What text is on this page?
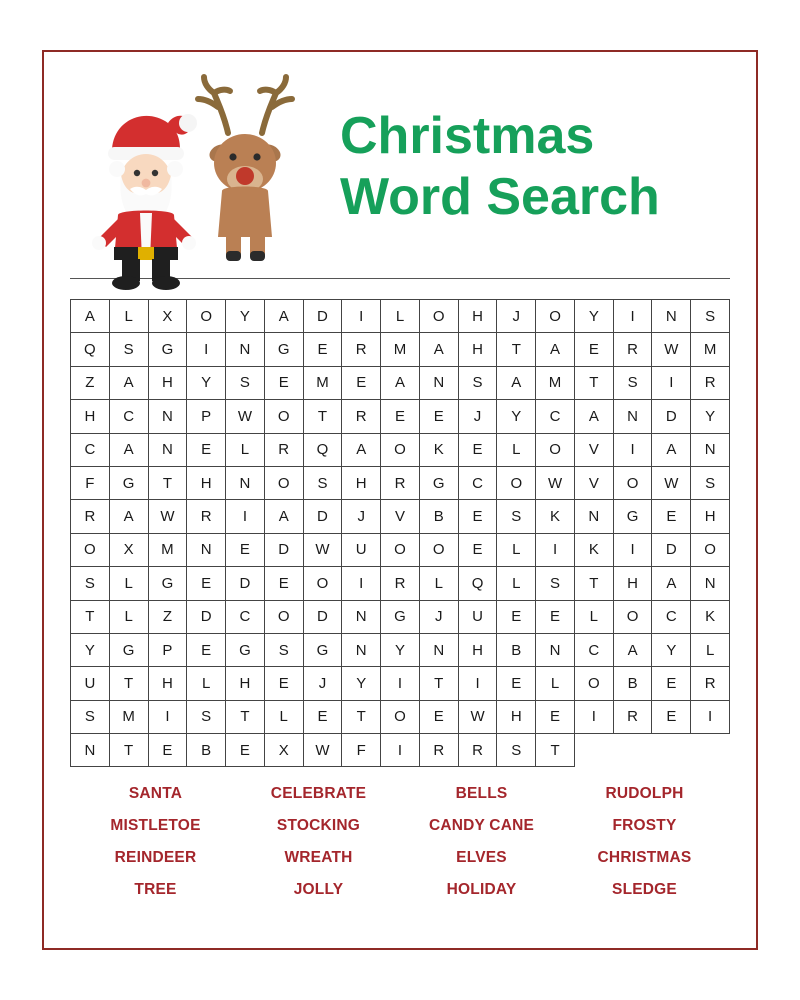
Christmas
Word Search
A	L	X	O	Y	A	D	I	L	O	H	J	O	Y	I	N	S
Q	S	G	I	N	G	E	R	M	A	H	T	A	E	R	W	M
Z	A	H	Y	S	E	M	E	A	N	S	A	M	T	S	I	R
H	C	N	P	W	O	T	R	E	E	J	Y	C	A	N	D	Y
C	A	N	E	L	R	Q	A	O	K	E	L	O	V	I	A	N
F	G	T	H	N	O	S	H	R	G	C	O	W	V	O	W	S
R	A	W	R	I	A	D	J	V	B	E	S	K	N	G	E	H
O	X	M	N	E	D	W	U	O	O	E	L	I	K	I	D	O
S	L	G	E	D	E	O	I	R	L	Q	L	S	T	H	A	N
T	L	Z	D	C	O	D	N	G	J	U	E	E	L	O	C	K
Y	G	P	E	G	S	G	N	Y	N	H	B	N	C	A	Y	L
U	T	H	L	H	E	J	Y	I	T	I	E	L	O	B	E	R
S	M	I	S	T	L	E	T	O	E	W	H	E	I	R	E	I
N	T	E	B	E	X	W	F	I	R	R	S	T
SANTA	CELEBRATE	BELLS	RUDOLPH
MISTLETOE	STOCKING	CANDY CANE	FROSTY
REINDEER	WREATH	ELVES	CHRISTMAS
TREE	JOLLY	HOLIDAY	SLEDGE
